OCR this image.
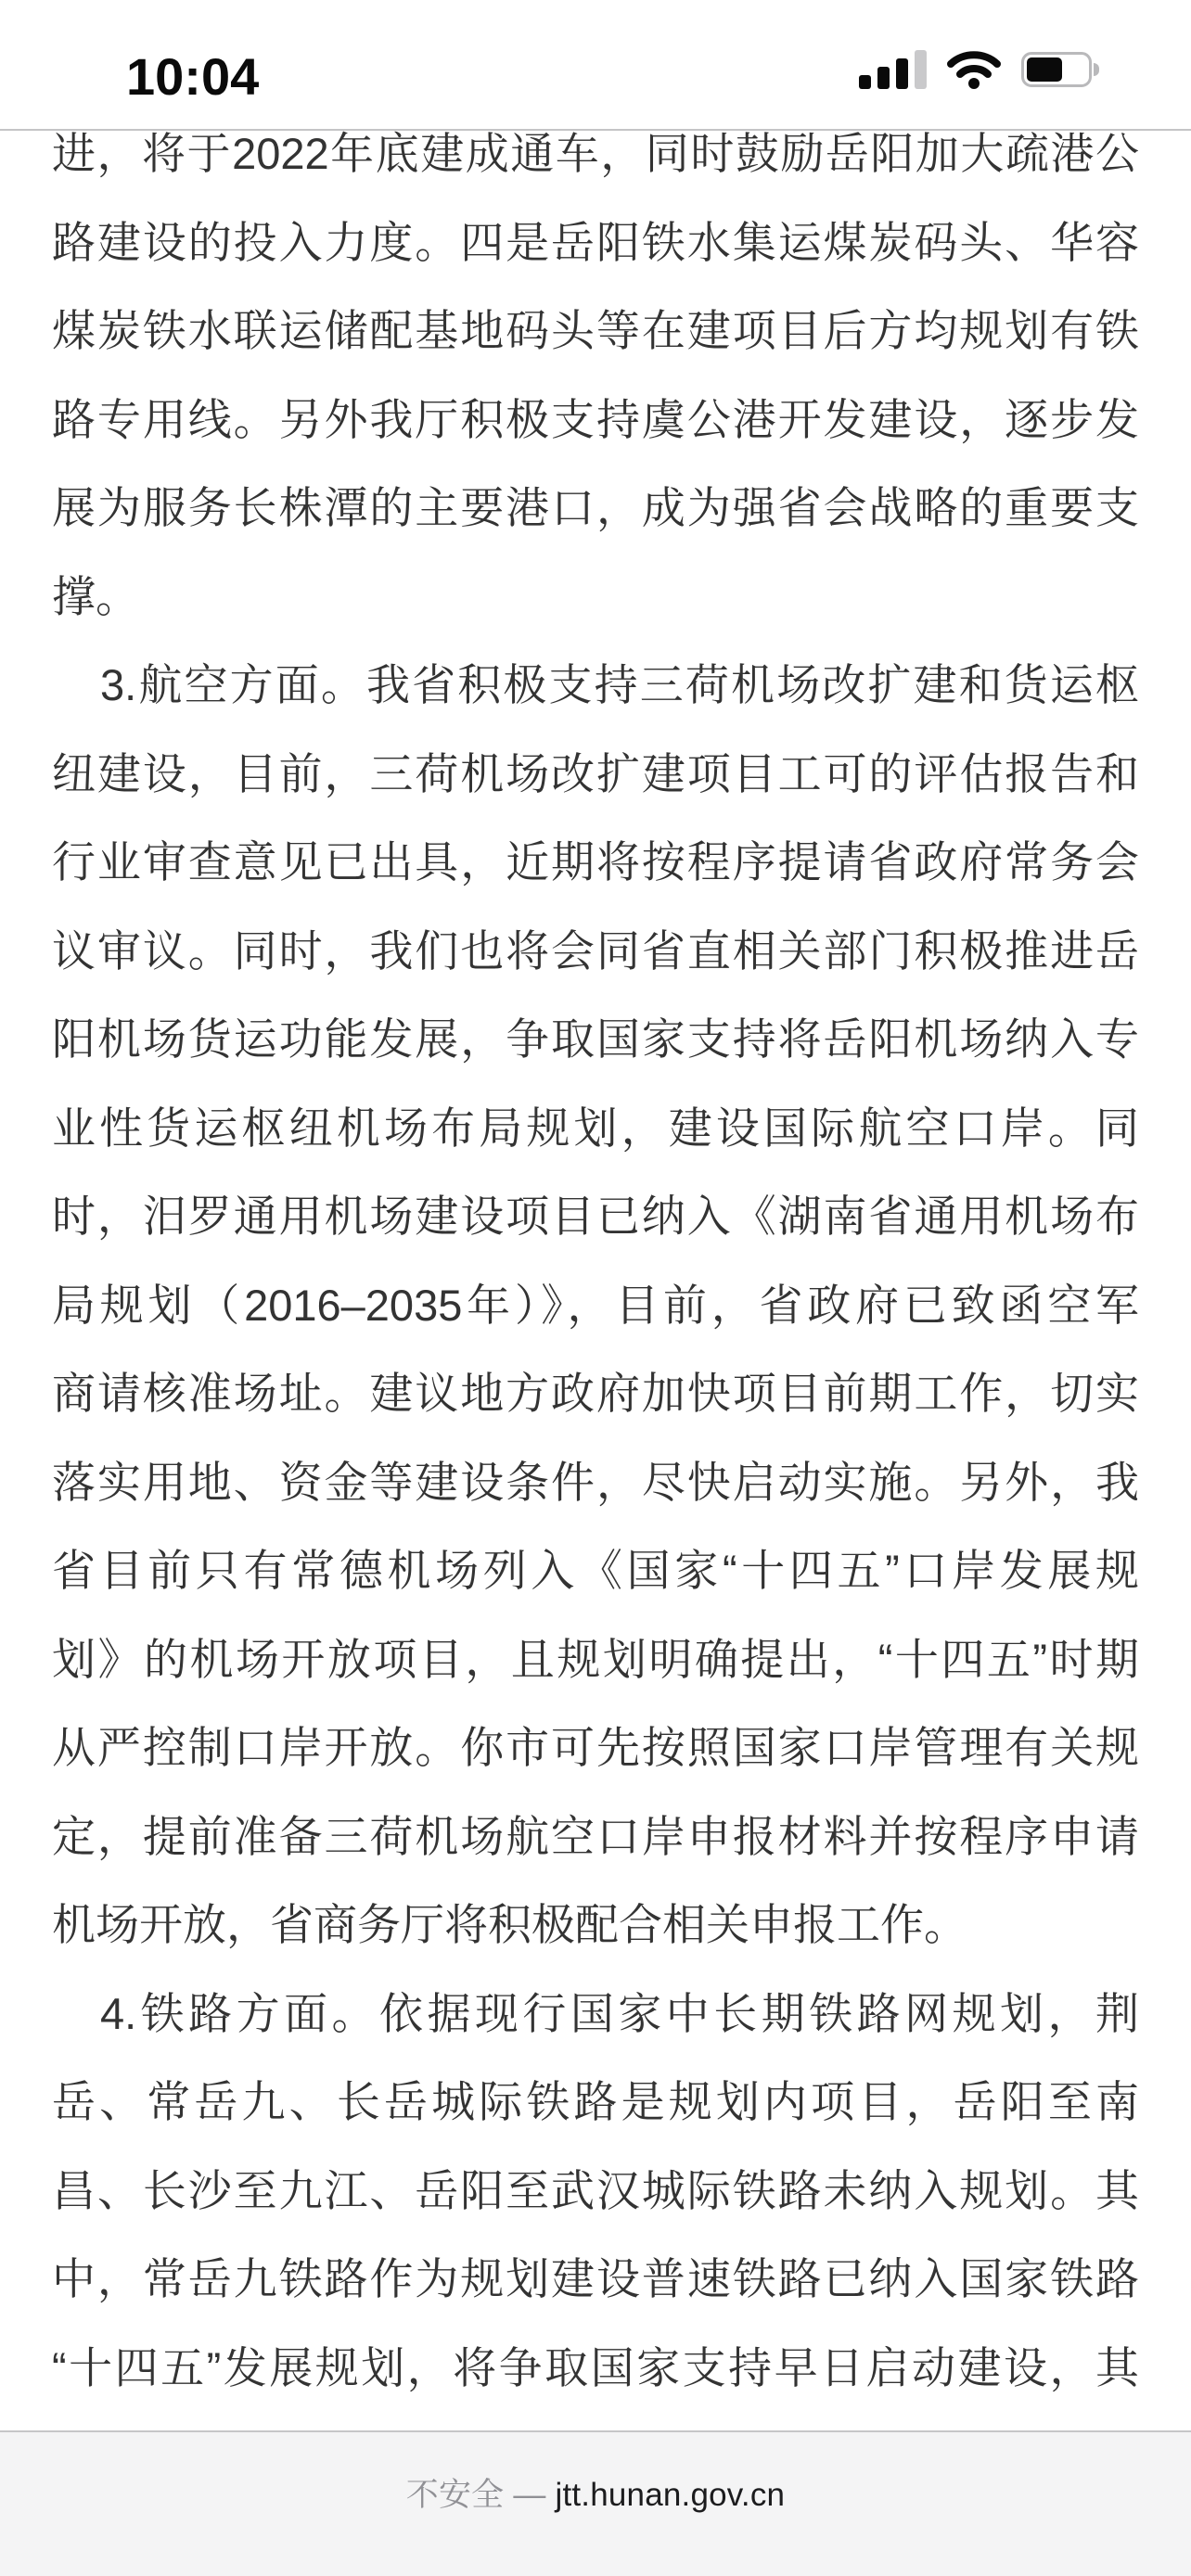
10:04
进，将于2022年底建成通车，同时鼓励岳阳加大疏港公
路建设的投入力度。四是岳阳铁水集运煤炭码头、华容
煤炭铁水联运储配基地码头等在建项目后方均规划有铁
路专用线。另外我厅积极支持虞公港开发建设，逐步发
展为服务长株潭的主要港口，成为强省会战略的重要支
撑。
3.航空方面。我省积极支持三荷机场改扩建和货运枢
纽建设，目前，三荷机场改扩建项目工可的评估报告和
行业审查意见已出具，近期将按程序提请省政府常务会
议审议。同时，我们也将会同省直相关部门积极推进岳
阳机场货运功能发展，争取国家支持将岳阳机场纳入专
业性货运枢纽机场布局规划，建设国际航空口岸。同
时，汨罗通用机场建设项目已纳入《湖南省通用机场布
局规划（2016–2035年）》，目前，省政府已致函空军
商请核准场址。建议地方政府加快项目前期工作，切实
落实用地、资金等建设条件，尽快启动实施。另外，我
省目前只有常德机场列入《国家“十四五”口岸发展规
划》的机场开放项目，且规划明确提出，“十四五”时期
从严控制口岸开放。你市可先按照国家口岸管理有关规
定，提前准备三荷机场航空口岸申报材料并按程序申请
机场开放，省商务厅将积极配合相关申报工作。
4.铁路方面。依据现行国家中长期铁路网规划，荆
岳、常岳九、长岳城际铁路是规划内项目，岳阳至南
昌、长沙至九江、岳阳至武汉城际铁路未纳入规划。其
中，常岳九铁路作为规划建设普速铁路已纳入国家铁路
“十四五”发展规划，将争取国家支持早日启动建设，其
不安全 — jtt.hunan.gov.cn
